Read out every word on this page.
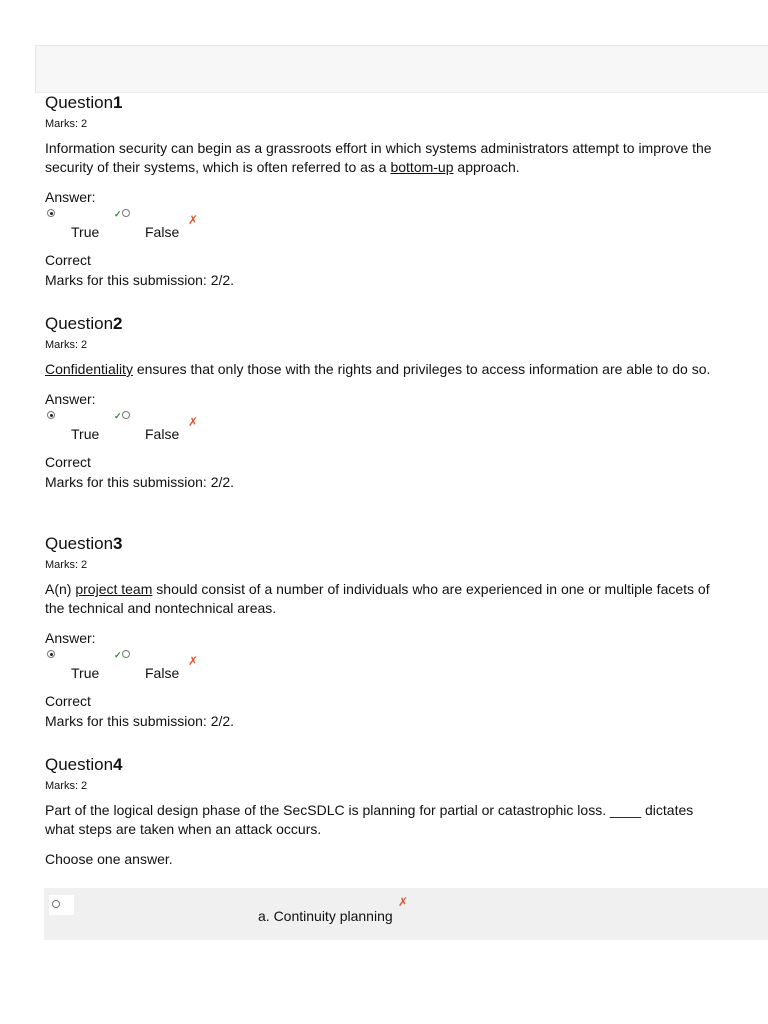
Question1
Marks: 2
Information security can begin as a grassroots effort in which systems administrators attempt to improve the security of their systems, which is often referred to as a bottom-up approach.
Answer:
✓	✗
True	False
Correct
Marks for this submission: 2/2.
Question2
Marks: 2
Confidentiality ensures that only those with the rights and privileges to access information are able to do so.
Answer:
✓	✗
True	False
Correct
Marks for this submission: 2/2.
Question3
Marks: 2
A(n) project team should consist of a number of individuals who are experienced in one or multiple facets of the technical and nontechnical areas.
Answer:
✓	✗
True	False
Correct
Marks for this submission: 2/2.
Question4
Marks: 2
Part of the logical design phase of the SecSDLC is planning for partial or catastrophic loss. ____ dictates what steps are taken when an attack occurs.
Choose one answer.
a. Continuity planning
✗
